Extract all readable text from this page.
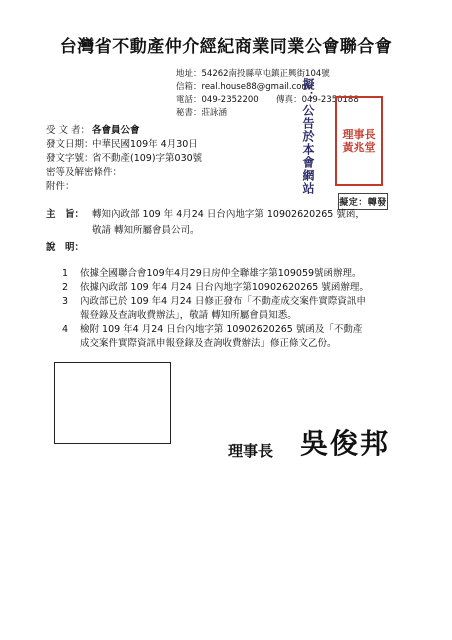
台灣省不動產仲介經紀商業同業公會聯合會
地址：54262南投縣草屯鎮正興街104號
信箱：real.house88@gmail.com
電話：049-2352200 傳真：049-2350188
秘書：莊詠涵	擬：公告於本會網站	理事長
黃兆堂
擬定：轉發
受 文 者： 各會員公會
發文日期：中華民國109年 4月30日
發文字號：省不動產(109)字第030號
密等及解密條件：
附件：
主　旨： 轉知內政部 109 年 4月24 日台內地字第 10902620265 號函，
敬請 轉知所屬會員公司。
說　明：
1 依據全國聯合會109年4月29日房仲全聯雄字第109059號函辦理。
2 依據內政部 109 年4 月24 日台內地字第10902620265 號函辦理。
3 內政部已於 109 年4 月24 日修正發布「不動產成交案件實際資訊申
報登錄及查詢收費辦法」，敬請 轉知所屬會員知悉。
4 檢附 109 年4 月24 日台內地字第 10902620265 號函及「不動產
成交案件實際資訊申報登錄及查詢收費辦法」修正條文乙份。
理事長 吳俊邦
